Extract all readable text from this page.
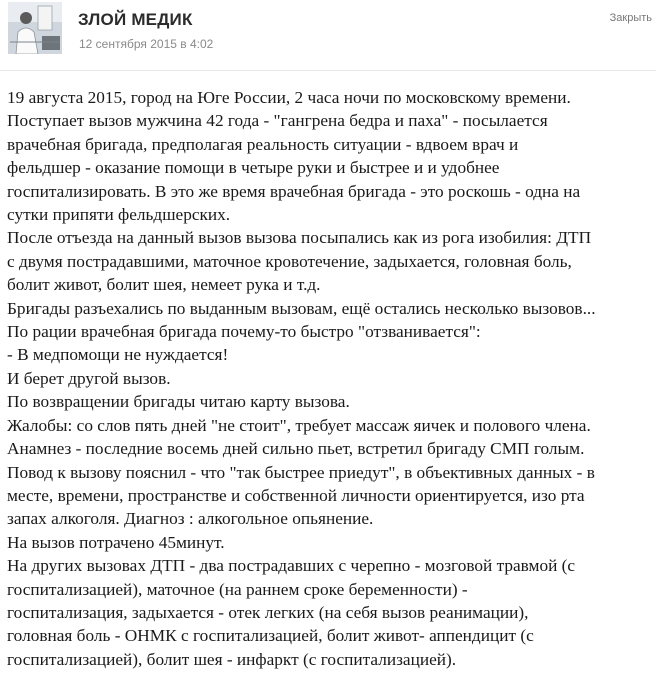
ЗЛОЙ МЕДИК
12 сентября 2015 в 4:02
Закрыть
19 августа 2015, город на Юге России, 2 часа ночи по московскому времени.
Поступает вызов мужчина 42 года - "гангрена бедра и паха" - посылается
врачебная бригада, предполагая реальность ситуации - вдвоем врач и
фельдшер - оказание помощи в четыре руки и быстрее и и удобнее
госпитализировать. В это же время врачебная бригада - это роскошь - одна на
сутки припяти фельдшерских.
После отъезда на данный вызов вызова посыпались как из рога изобилия: ДТП
с двумя пострадавшими, маточное кровотечение, задыхается, головная боль,
болит живот, болит шея, немеет рука и т.д.
Бригады разъехались по выданным вызовам, ещё остались несколько вызовов...
По рации врачебная бригада почему-то быстро "отзванивается":
- В медпомощи не нуждается!
И берет другой вызов.
По возвращении бригады читаю карту вызова.
Жалобы: со слов пять дней "не стоит", требует массаж яичек и полового члена.
Анамнез - последние восемь дней сильно пьет, встретил бригаду СМП голым.
Повод к вызову пояснил - что "так быстрее приедут", в объективных данных - в
месте, времени, пространстве и собственной личности ориентируется, изо рта
запах алкоголя. Диагноз : алкогольное опьянение.
На вызов потрачено 45минут.
На других вызовах ДТП - два пострадавших с черепно - мозговой травмой (с
госпитализацией), маточное (на раннем сроке беременности) -
госпитализация, задыхается - отек легких (на себя вызов реанимации),
головная боль - ОНМК с госпитализацией, болит живот- аппендицит (с
госпитализацией), болит шея - инфаркт (с госпитализацией).
